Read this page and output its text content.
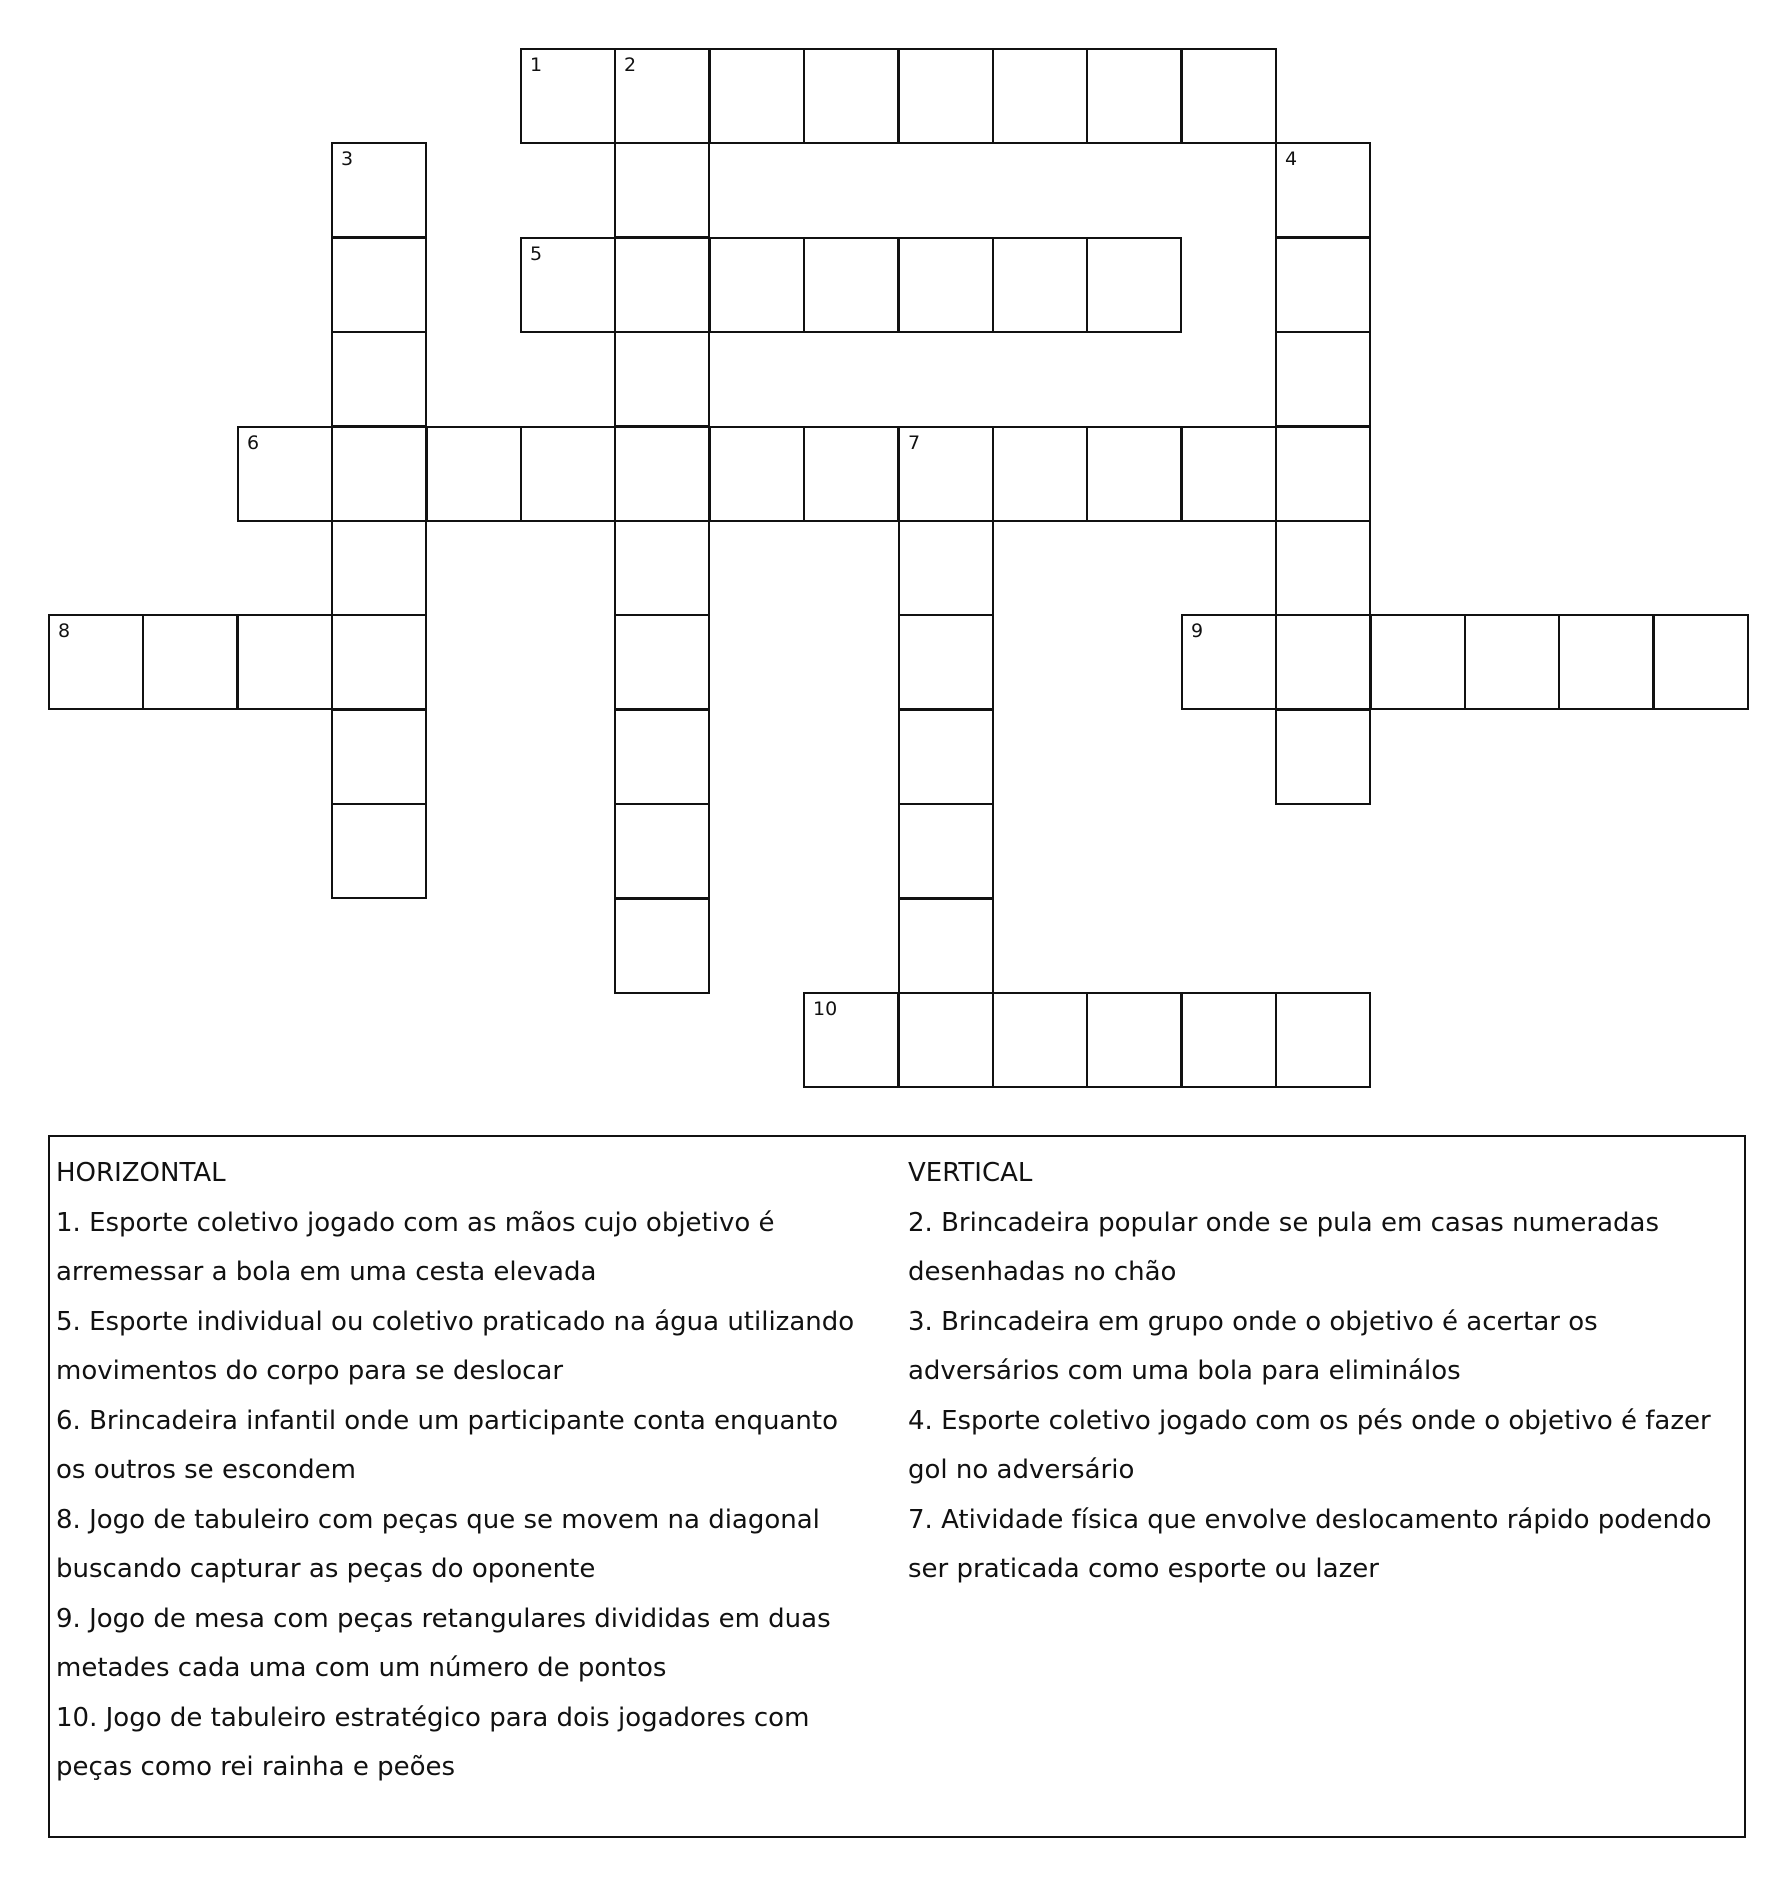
1	2
3	4
5
6	7
8	9
10
HORIZONTAL
1. Esporte coletivo jogado com as mãos cujo objetivo é
arremessar a bola em uma cesta elevada
5. Esporte individual ou coletivo praticado na água utilizando
movimentos do corpo para se deslocar
6. Brincadeira infantil onde um participante conta enquanto
os outros se escondem
8. Jogo de tabuleiro com peças que se movem na diagonal
buscando capturar as peças do oponente
9. Jogo de mesa com peças retangulares divididas em duas
metades cada uma com um número de pontos
10. Jogo de tabuleiro estratégico para dois jogadores com
peças como rei rainha e peões
VERTICAL
2. Brincadeira popular onde se pula em casas numeradas
desenhadas no chão
3. Brincadeira em grupo onde o objetivo é acertar os
adversários com uma bola para eliminálos
4. Esporte coletivo jogado com os pés onde o objetivo é fazer
gol no adversário
7. Atividade física que envolve deslocamento rápido podendo
ser praticada como esporte ou lazer
